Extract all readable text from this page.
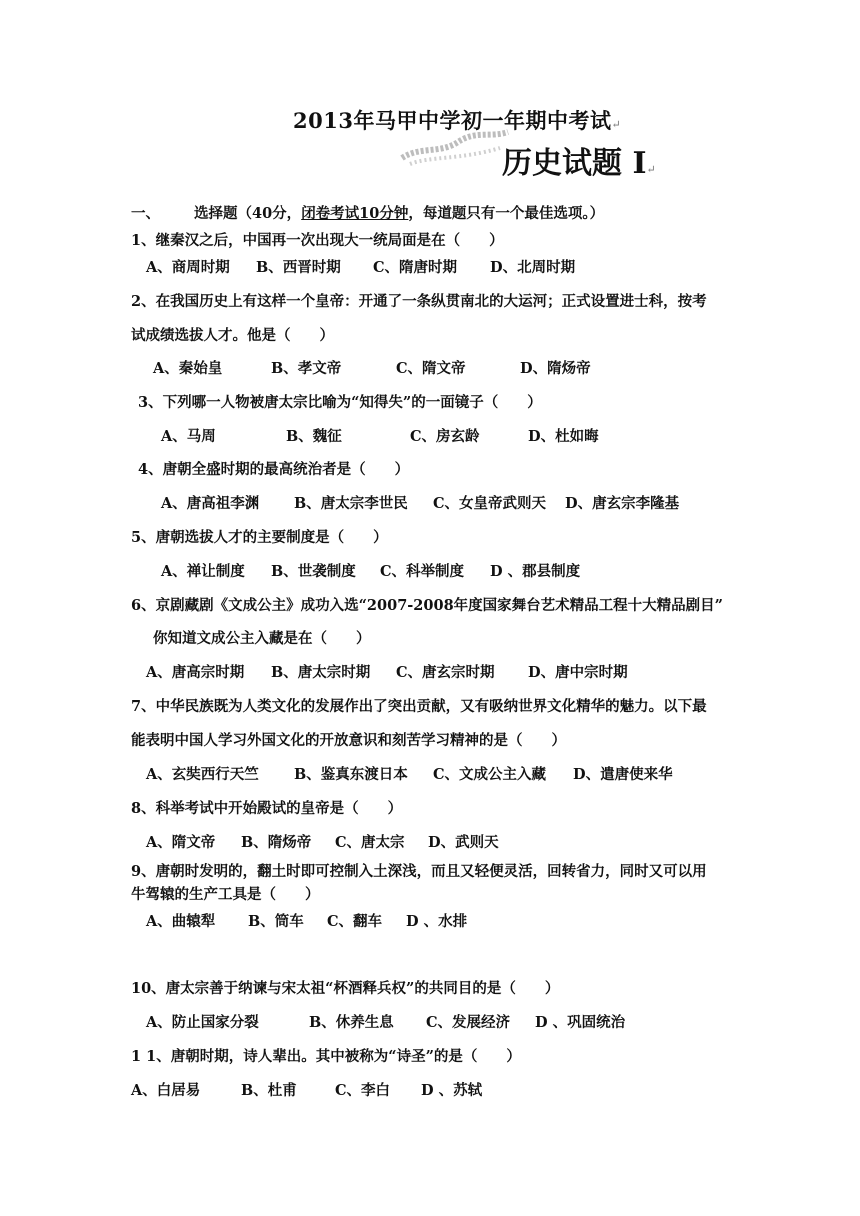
2013年马甲中学初一年期中考试↵
历史试题 I↵
一、 选择题（40分，闭卷考试10分钟，每道题只有一个最佳选项。）
1、继秦汉之后，中国再一次出现大一统局面是在（　　）
A、商周时期 B、西晋时期 C、隋唐时期 D、北周时期
2、在我国历史上有这样一个皇帝：开通了一条纵贯南北的大运河；正式设置进士科，按考
试成绩选拔人才。他是（　　）
A、秦始皇	B、孝文帝	C、隋文帝	D、隋炀帝
3、下列哪一人物被唐太宗比喻为“知得失”的一面镜子（　　）
A、马周	B、魏征	C、房玄龄	D、杜如晦
4、唐朝全盛时期的最高统治者是（　　）
A、唐高祖李渊 B、唐太宗李世民 C、女皇帝武则天 D、唐玄宗李隆基
5、唐朝选拔人才的主要制度是（　　）
A、禅让制度 B、世袭制度 C、科举制度 D 、郡县制度
6、京剧藏剧《文成公主》成功入选“2007-2008年度国家舞台艺术精品工程十大精品剧目”
你知道文成公主入藏是在（　　）
A、唐高宗时期 B、唐太宗时期 C、唐玄宗时期 D、唐中宗时期
7、中华民族既为人类文化的发展作出了突出贡献，又有吸纳世界文化精华的魅力。以下最
能表明中国人学习外国文化的开放意识和刻苦学习精神的是（　　）
A、玄奘西行天竺 B、鉴真东渡日本 C、文成公主入藏 D、遣唐使来华
8、科举考试中开始殿试的皇帝是（　　）
A、隋文帝 B、隋炀帝 C、唐太宗 D、武则天
9、唐朝时发明的，翻土时即可控制入土深浅，而且又轻便灵活，回转省力，同时又可以用
牛驾辕的生产工具是（　　）
A、曲辕犁 B、筒车 C、翻车 D 、水排
10、唐太宗善于纳谏与宋太祖“杯酒释兵权”的共同目的是（　　）
A、防止国家分裂	B、休养生息 C、发展经济 D 、巩固统治
1 1、唐朝时期，诗人辈出。其中被称为“诗圣”的是（　　）
A、白居易	B、杜甫	C、李白 D 、苏轼
